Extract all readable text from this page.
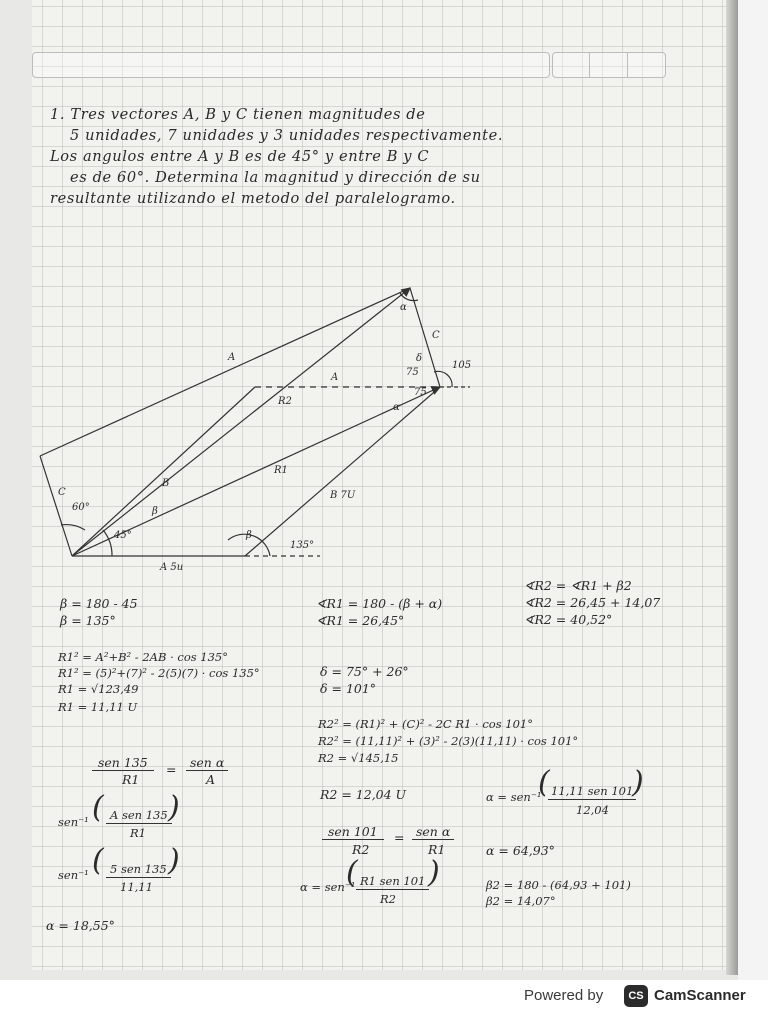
1. Tres vectores A, B y C tienen magnitudes de
5 unidades, 7 unidades y 3 unidades respectivamente.
Los angulos entre A y B es de 45° y entre B y C
es de 60°. Determina la magnitud y dirección de su
resultante utilizando el metodo del paralelogramo.
A
A
R2
R1
B
B 7U
C
C
60°
45°
β
β
135°
A 5u
α
α
75
δ
105
75
β = 180 - 45
β = 135°
R1² = A²+B² - 2AB · cos 135°
R1² = (5)²+(7)² - 2(5)(7) · cos 135°
R1 = √123,49
R1 = 11,11 U
sen 135
R1
=	sen α
A
sen⁻¹ ( A sen 135
R1
)
sen⁻¹ ( 5 sen 135
11,11
)
α = 18,55°
∢R1 = 180 - (β + α)
∢R1 = 26,45°
∢R2 = ∢R1 + β2
∢R2 = 26,45 + 14,07
∢R2 = 40,52°
δ = 75° + 26°
δ = 101°
R2² = (R1)² + (C)² - 2C R1 · cos 101°
R2² = (11,11)² + (3)² - 2(3)(11,11) · cos 101°
R2 = √145,15
R2 = 12,04 U
sen 101
R2
= sen α
R1
α = sen⁻¹
( R1 sen 101
R2
)
α = sen⁻¹
( 11,11 sen 101
12,04
)
α = 64,93°
β2 = 180 - (64,93 + 101)
β2 = 14,07°
Powered by	CS CamScanner
